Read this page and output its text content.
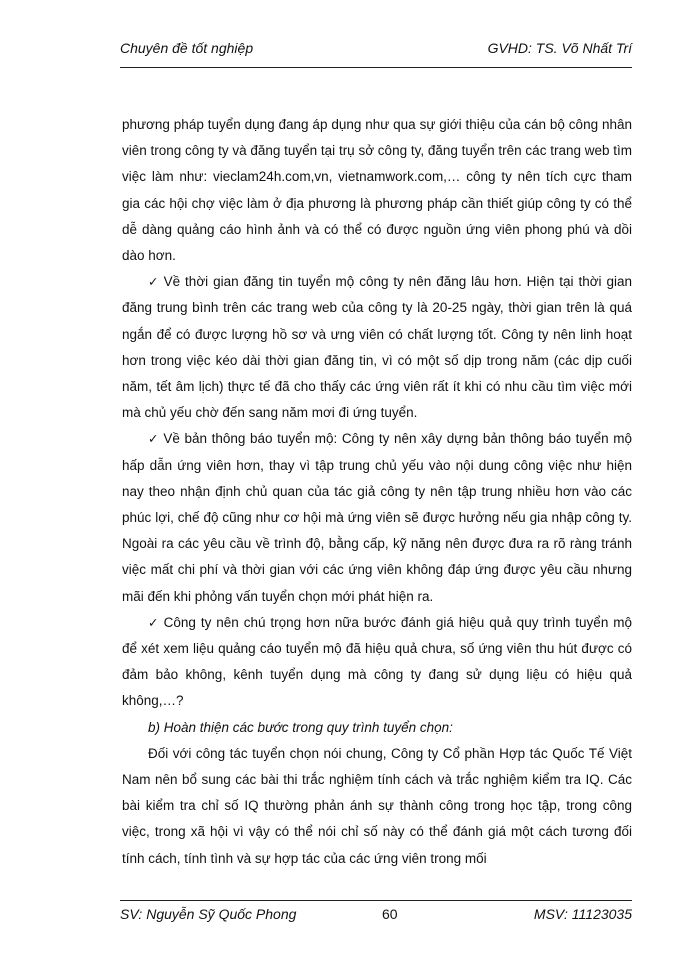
Chuyên đề tốt nghiệp	GVHD: TS. Võ Nhất Trí

phương pháp tuyển dụng đang áp dụng như qua sự giới thiệu của cán bộ công nhân viên trong công ty và đăng tuyển tại trụ sở công ty, đăng tuyển trên các trang web tìm việc làm như: vieclam24h.com,vn, vietnamwork.com,… công ty nên tích cực tham gia các hội chợ việc làm ở địa phương là phương pháp cần thiết giúp công ty có thể dễ dàng quảng cáo hình ảnh và có thể có được nguồn ứng viên phong phú và dồi dào hơn.

✓ Về thời gian đăng tin tuyển mộ công ty nên đăng lâu hơn. Hiện tại thời gian đăng trung bình trên các trang web của công ty là 20-25 ngày, thời gian trên là quá ngắn để có được lượng hồ sơ và ưng viên có chất lượng tốt. Công ty nên linh hoạt hơn trong việc kéo dài thời gian đăng tin, vì có một số dịp trong năm (các dịp cuối năm, tết âm lịch) thực tế đã cho thấy các ứng viên rất ít khi có nhu cầu tìm việc mới mà chủ yếu chờ đến sang năm mơi đi ứng tuyển.

✓ Về bản thông báo tuyển mộ: Công ty nên xây dựng bản thông báo tuyển mộ hấp dẫn ứng viên hơn, thay vì tập trung chủ yếu vào nội dung công việc như hiện nay theo nhận định chủ quan của tác giả công ty nên tập trung nhiều hơn vào các phúc lợi, chế độ cũng như cơ hội mà ứng viên sẽ được hưởng nếu gia nhập công ty. Ngoài ra các yêu cầu về trình độ, bằng cấp, kỹ năng nên được đưa ra rõ ràng tránh việc mất chi phí và thời gian với các ứng viên không đáp ứng được yêu cầu nhưng mãi đến khi phỏng vấn tuyển chọn mới phát hiện ra.

✓ Công ty nên chú trọng hơn nữa bước đánh giá hiệu quả quy trình tuyển mộ để xét xem liệu quảng cáo tuyển mộ đã hiệu quả chưa, số ứng viên thu hút được có đảm bảo không, kênh tuyển dụng mà công ty đang sử dụng liệu có hiệu quả không,…?

b) Hoàn thiện các bước trong quy trình tuyển chọn:

Đối với công tác tuyển chọn nói chung, Công ty Cổ phần Hợp tác Quốc Tế Việt Nam nên bổ sung các bài thi trắc nghiệm tính cách và trắc nghiệm kiểm tra IQ. Các bài kiểm tra chỉ số IQ thường phản ánh sự thành công trong học tập, trong công việc, trong xã hội vì vậy có thể nói chỉ số này có thể đánh giá một cách tương đối tính cách, tính tình và sự hợp tác của các ứng viên trong mối

SV: Nguyễn Sỹ Quốc Phong	60	MSV: 11123035
